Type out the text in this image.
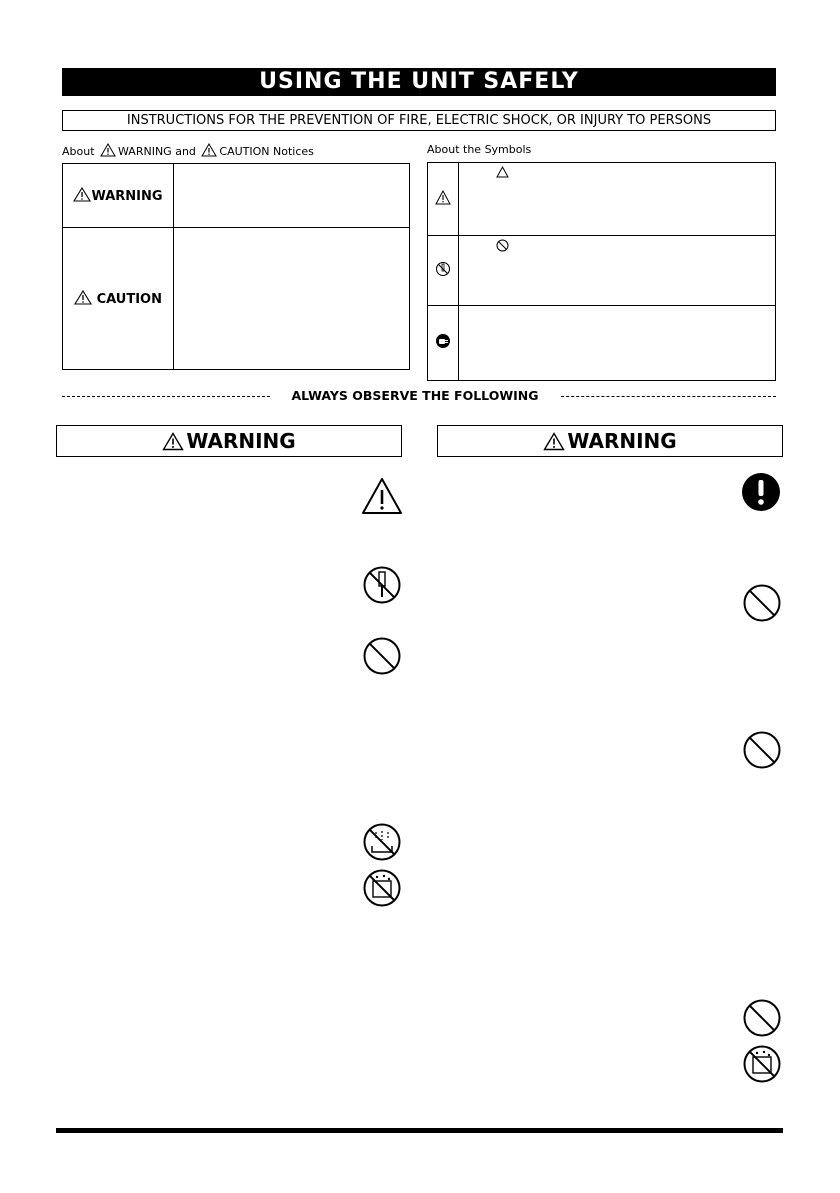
USING THE UNIT SAFELY
INSTRUCTIONS FOR THE PREVENTION OF FIRE, ELECTRIC SHOCK, OR INJURY TO PERSONS
About WARNING and CAUTION Notices	About the Symbols
WARNING	
CAUTION	

ALWAYS OBSERVE THE FOLLOWING
WARNING	WARNING
